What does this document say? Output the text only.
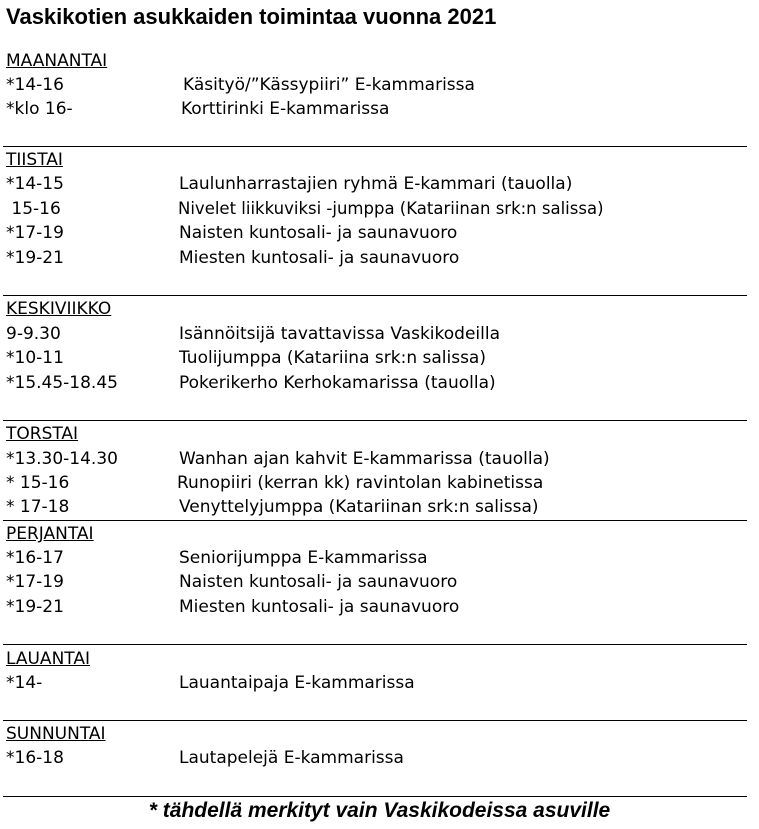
Vaskikotien asukkaiden toimintaa vuonna 2021
MAANANTAI
*14-16	Käsityö/”Kässypiiri” E-kammarissa
*klo 16-	Korttirinki E-kammarissa
TIISTAI
*14-15	Laulunharrastajien ryhmä E-kammari (tauolla)
15-16	Nivelet liikkuviksi -jumppa (Katariinan srk:n salissa)
*17-19	Naisten kuntosali- ja saunavuoro
*19-21	Miesten kuntosali- ja saunavuoro
KESKIVIIKKO
9-9.30	Isännöitsijä tavattavissa Vaskikodeilla
*10-11	Tuolijumppa (Katariina srk:n salissa)
*15.45-18.45	Pokerikerho Kerhokamarissa (tauolla)
TORSTAI
*13.30-14.30	Wanhan ajan kahvit E-kammarissa (tauolla)
* 15-16	Runopiiri (kerran kk) ravintolan kabinetissa
* 17-18	Venyttelyjumppa (Katariinan srk:n salissa)
PERJANTAI
*16-17	Seniorijumppa E-kammarissa
*17-19	Naisten kuntosali- ja saunavuoro
*19-21	Miesten kuntosali- ja saunavuoro
LAUANTAI
*14-	Lauantaipaja E-kammarissa
SUNNUNTAI
*16-18	Lautapelejä E-kammarissa
* tähdellä merkityt vain Vaskikodeissa asuville
